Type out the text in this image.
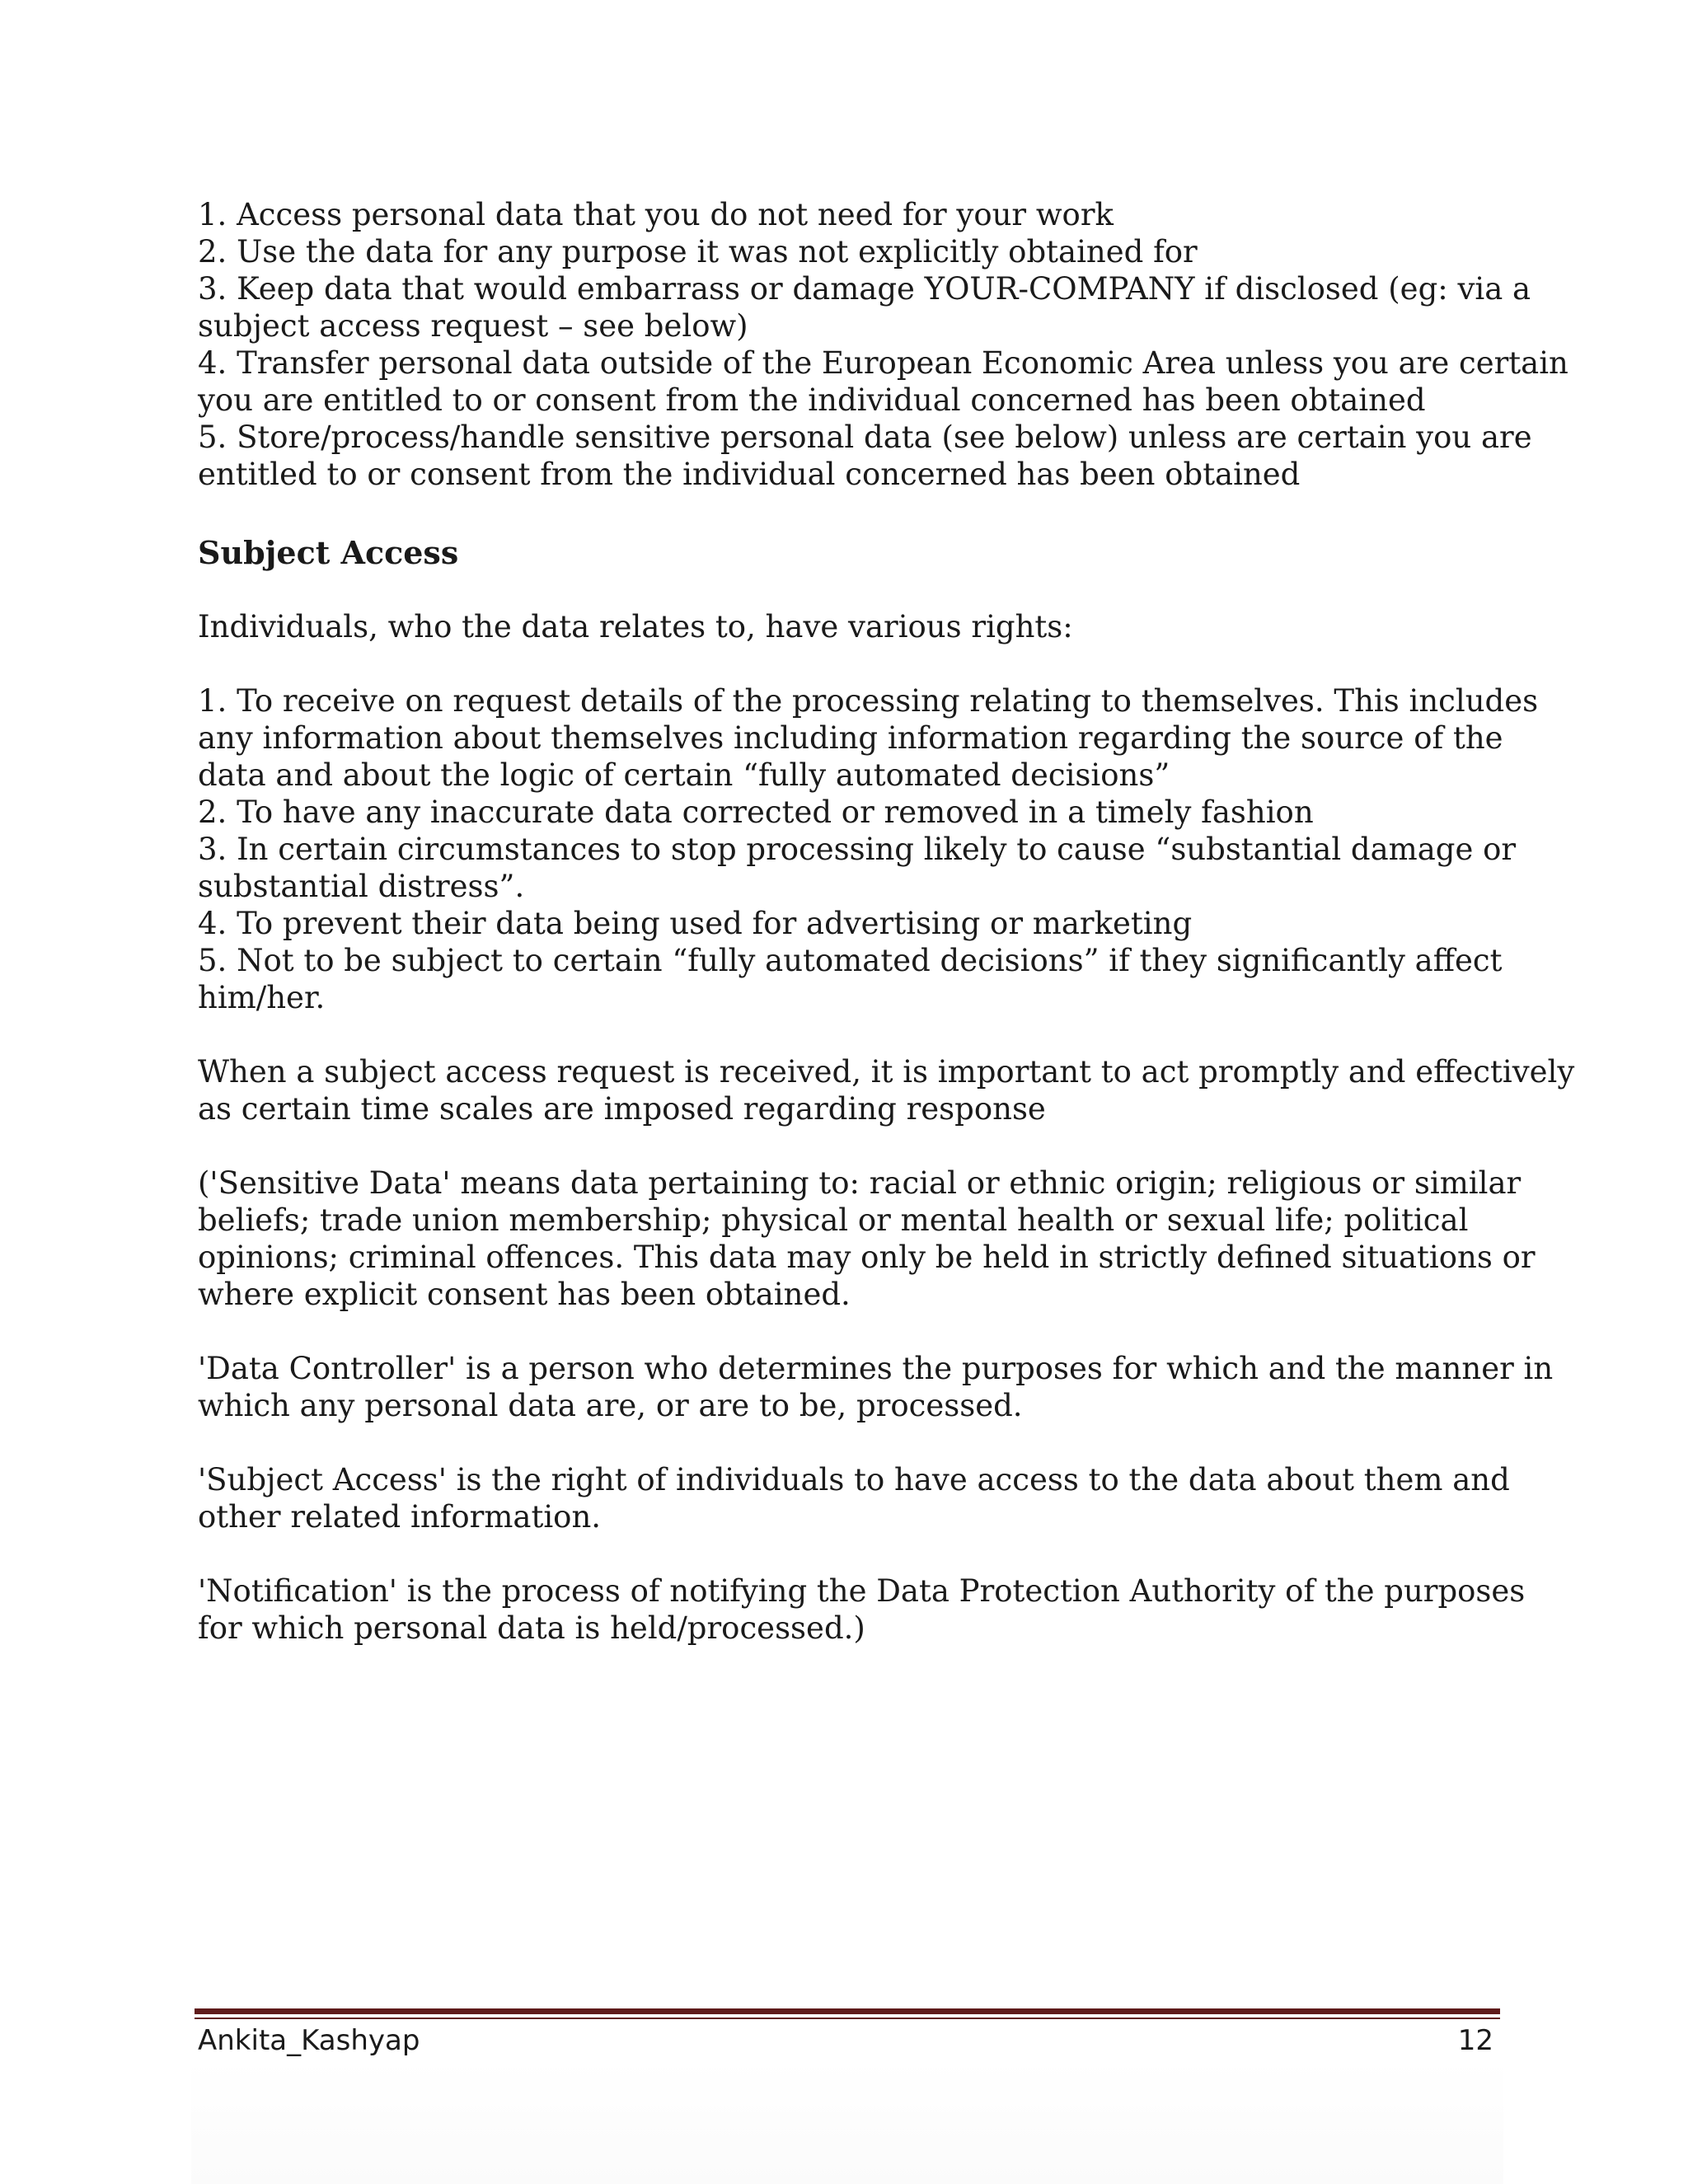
1. Access personal data that you do not need for your work
2. Use the data for any purpose it was not explicitly obtained for
3. Keep data that would embarrass or damage YOUR-COMPANY if disclosed (eg: via a
subject access request – see below)
4. Transfer personal data outside of the European Economic Area unless you are certain
you are entitled to or consent from the individual concerned has been obtained
5. Store/process/handle sensitive personal data (see below) unless are certain you are
entitled to or consent from the individual concerned has been obtained
Subject Access
Individuals, who the data relates to, have various rights:
1. To receive on request details of the processing relating to themselves. This includes
any information about themselves including information regarding the source of the
data and about the logic of certain “fully automated decisions”
2. To have any inaccurate data corrected or removed in a timely fashion
3. In certain circumstances to stop processing likely to cause “substantial damage or
substantial distress”.
4. To prevent their data being used for advertising or marketing
5. Not to be subject to certain “fully automated decisions” if they significantly affect
him/her.
When a subject access request is received, it is important to act promptly and effectively
as certain time scales are imposed regarding response
('Sensitive Data' means data pertaining to: racial or ethnic origin; religious or similar
beliefs; trade union membership; physical or mental health or sexual life; political
opinions; criminal offences. This data may only be held in strictly defined situations or
where explicit consent has been obtained.
'Data Controller' is a person who determines the purposes for which and the manner in
which any personal data are, or are to be, processed.
'Subject Access' is the right of individuals to have access to the data about them and
other related information.
'Notification' is the process of notifying the Data Protection Authority of the purposes
for which personal data is held/processed.)
Ankita_Kashyap	12
